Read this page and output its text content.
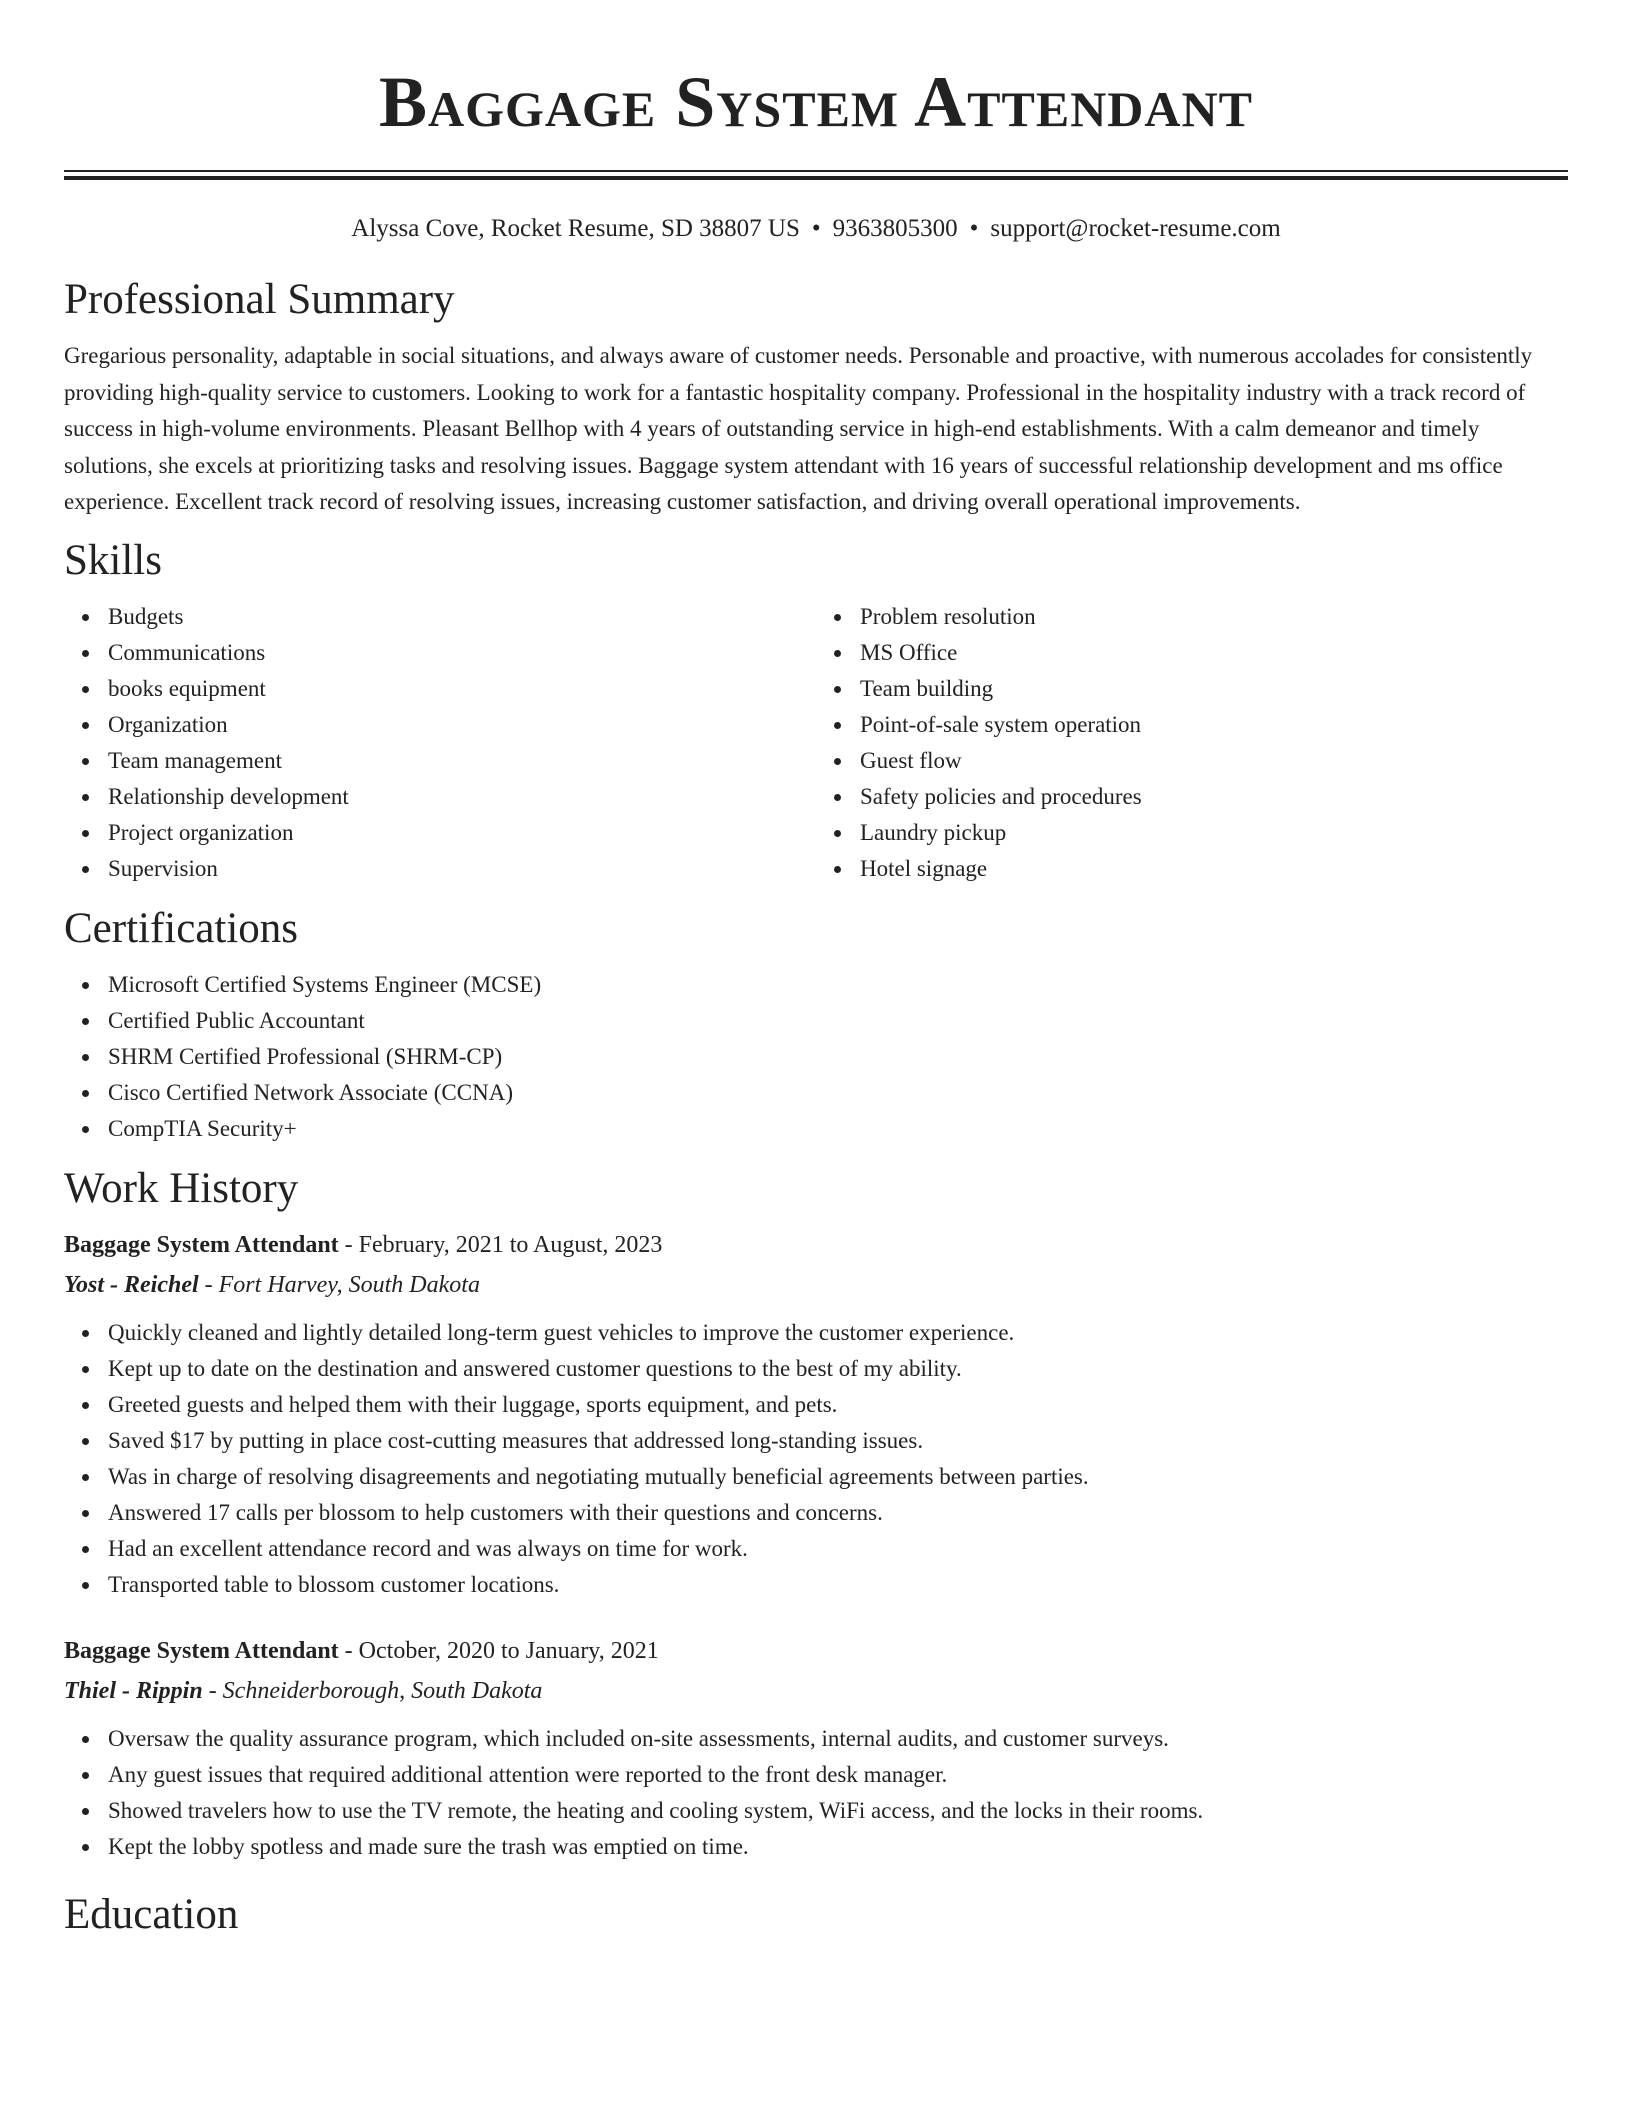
Baggage System Attendant
Alyssa Cove, Rocket Resume, SD 38807 US • 9363805300 • support@rocket-resume.com
Professional Summary

Gregarious personality, adaptable in social situations, and always aware of customer needs. Personable and proactive, with numerous accolades for consistently providing high-quality service to customers. Looking to work for a fantastic hospitality company. Professional in the hospitality industry with a track record of success in high-volume environments. Pleasant Bellhop with 4 years of outstanding service in high-end establishments. With a calm demeanor and timely solutions, she excels at prioritizing tasks and resolving issues. Baggage system attendant with 16 years of successful relationship development and ms office experience. Excellent track record of resolving issues, increasing customer satisfaction, and driving overall operational improvements.

Skills
Budgets
Communications
books equipment
Organization
Team management
Relationship development
Project organization
Supervision
Problem resolution
MS Office
Team building
Point-of-sale system operation
Guest flow
Safety policies and procedures
Laundry pickup
Hotel signage
Certifications
Microsoft Certified Systems Engineer (MCSE)
Certified Public Accountant
SHRM Certified Professional (SHRM-CP)
Cisco Certified Network Associate (CCNA)
CompTIA Security+
Work History
Baggage System Attendant - February, 2021 to August, 2023
Yost - Reichel - Fort Harvey, South Dakota
Quickly cleaned and lightly detailed long-term guest vehicles to improve the customer experience.
Kept up to date on the destination and answered customer questions to the best of my ability.
Greeted guests and helped them with their luggage, sports equipment, and pets.
Saved $17 by putting in place cost-cutting measures that addressed long-standing issues.
Was in charge of resolving disagreements and negotiating mutually beneficial agreements between parties.
Answered 17 calls per blossom to help customers with their questions and concerns.
Had an excellent attendance record and was always on time for work.
Transported table to blossom customer locations.
Baggage System Attendant - October, 2020 to January, 2021
Thiel - Rippin - Schneiderborough, South Dakota
Oversaw the quality assurance program, which included on-site assessments, internal audits, and customer surveys.
Any guest issues that required additional attention were reported to the front desk manager.
Showed travelers how to use the TV remote, the heating and cooling system, WiFi access, and the locks in their rooms.
Kept the lobby spotless and made sure the trash was emptied on time.
Education
